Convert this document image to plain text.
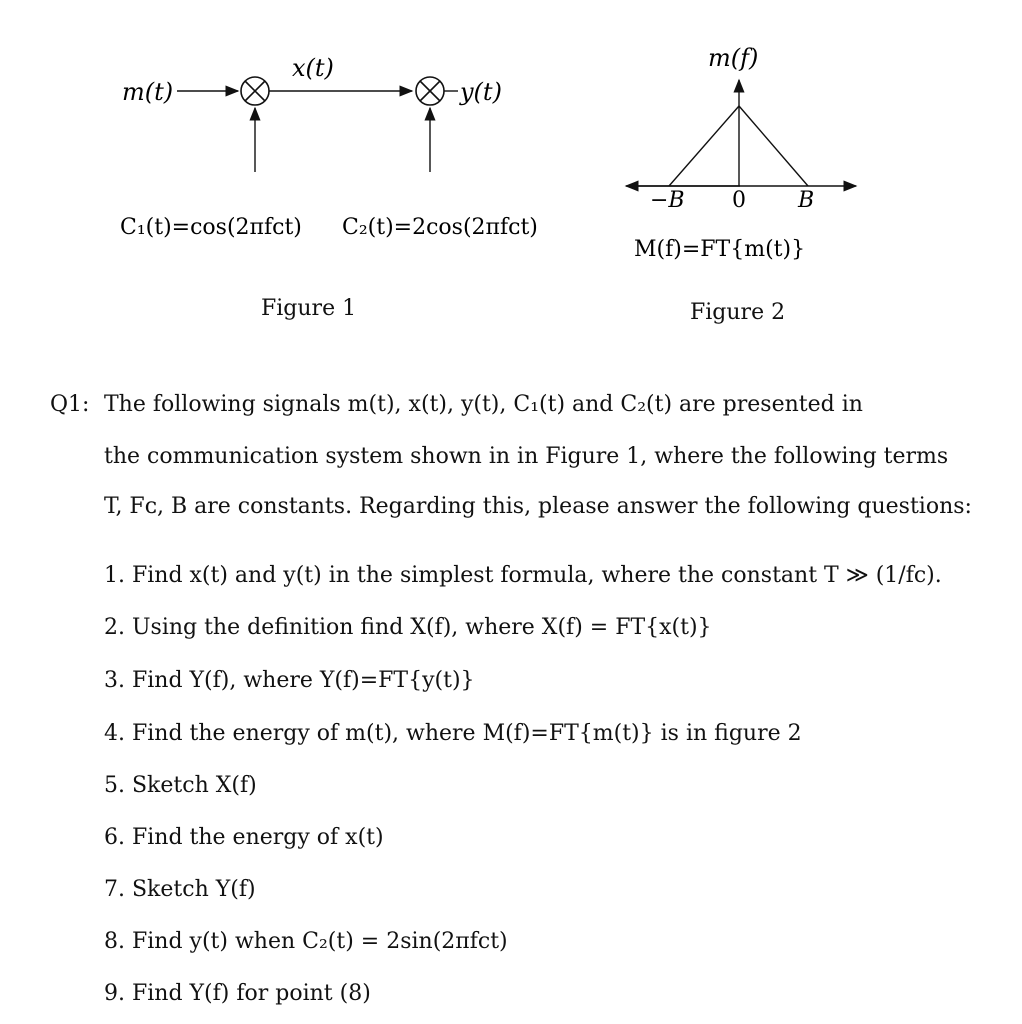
m(t)
x(t)
y(t)
C₁(t)=cos(2πfᴄt) C₂(t)=2cos(2πfᴄt)
Figure 1
m(f)
−B 0 B
M(f)=FT{m(t)}
Figure 2

Q1: The following signals m(t), x(t), y(t), C₁(t) and C₂(t) are presented in

the communication system shown in in Figure 1, where the following terms

T, Fᴄ, B are constants. Regarding this, please answer the following questions:

1. Find x(t) and y(t) in the simplest formula, where the constant T ≫ (1/fc).
2. Using the definition find X(f), where X(f) = FT{x(t)}
3. Find Y(f), where Y(f)=FT{y(t)}
4. Find the energy of m(t), where M(f)=FT{m(t)} is in figure 2
5. Sketch X(f)
6. Find the energy of x(t)
7. Sketch Y(f)
8. Find y(t) when C₂(t) = 2sin(2πfct)
9. Find Y(f) for point (8)
